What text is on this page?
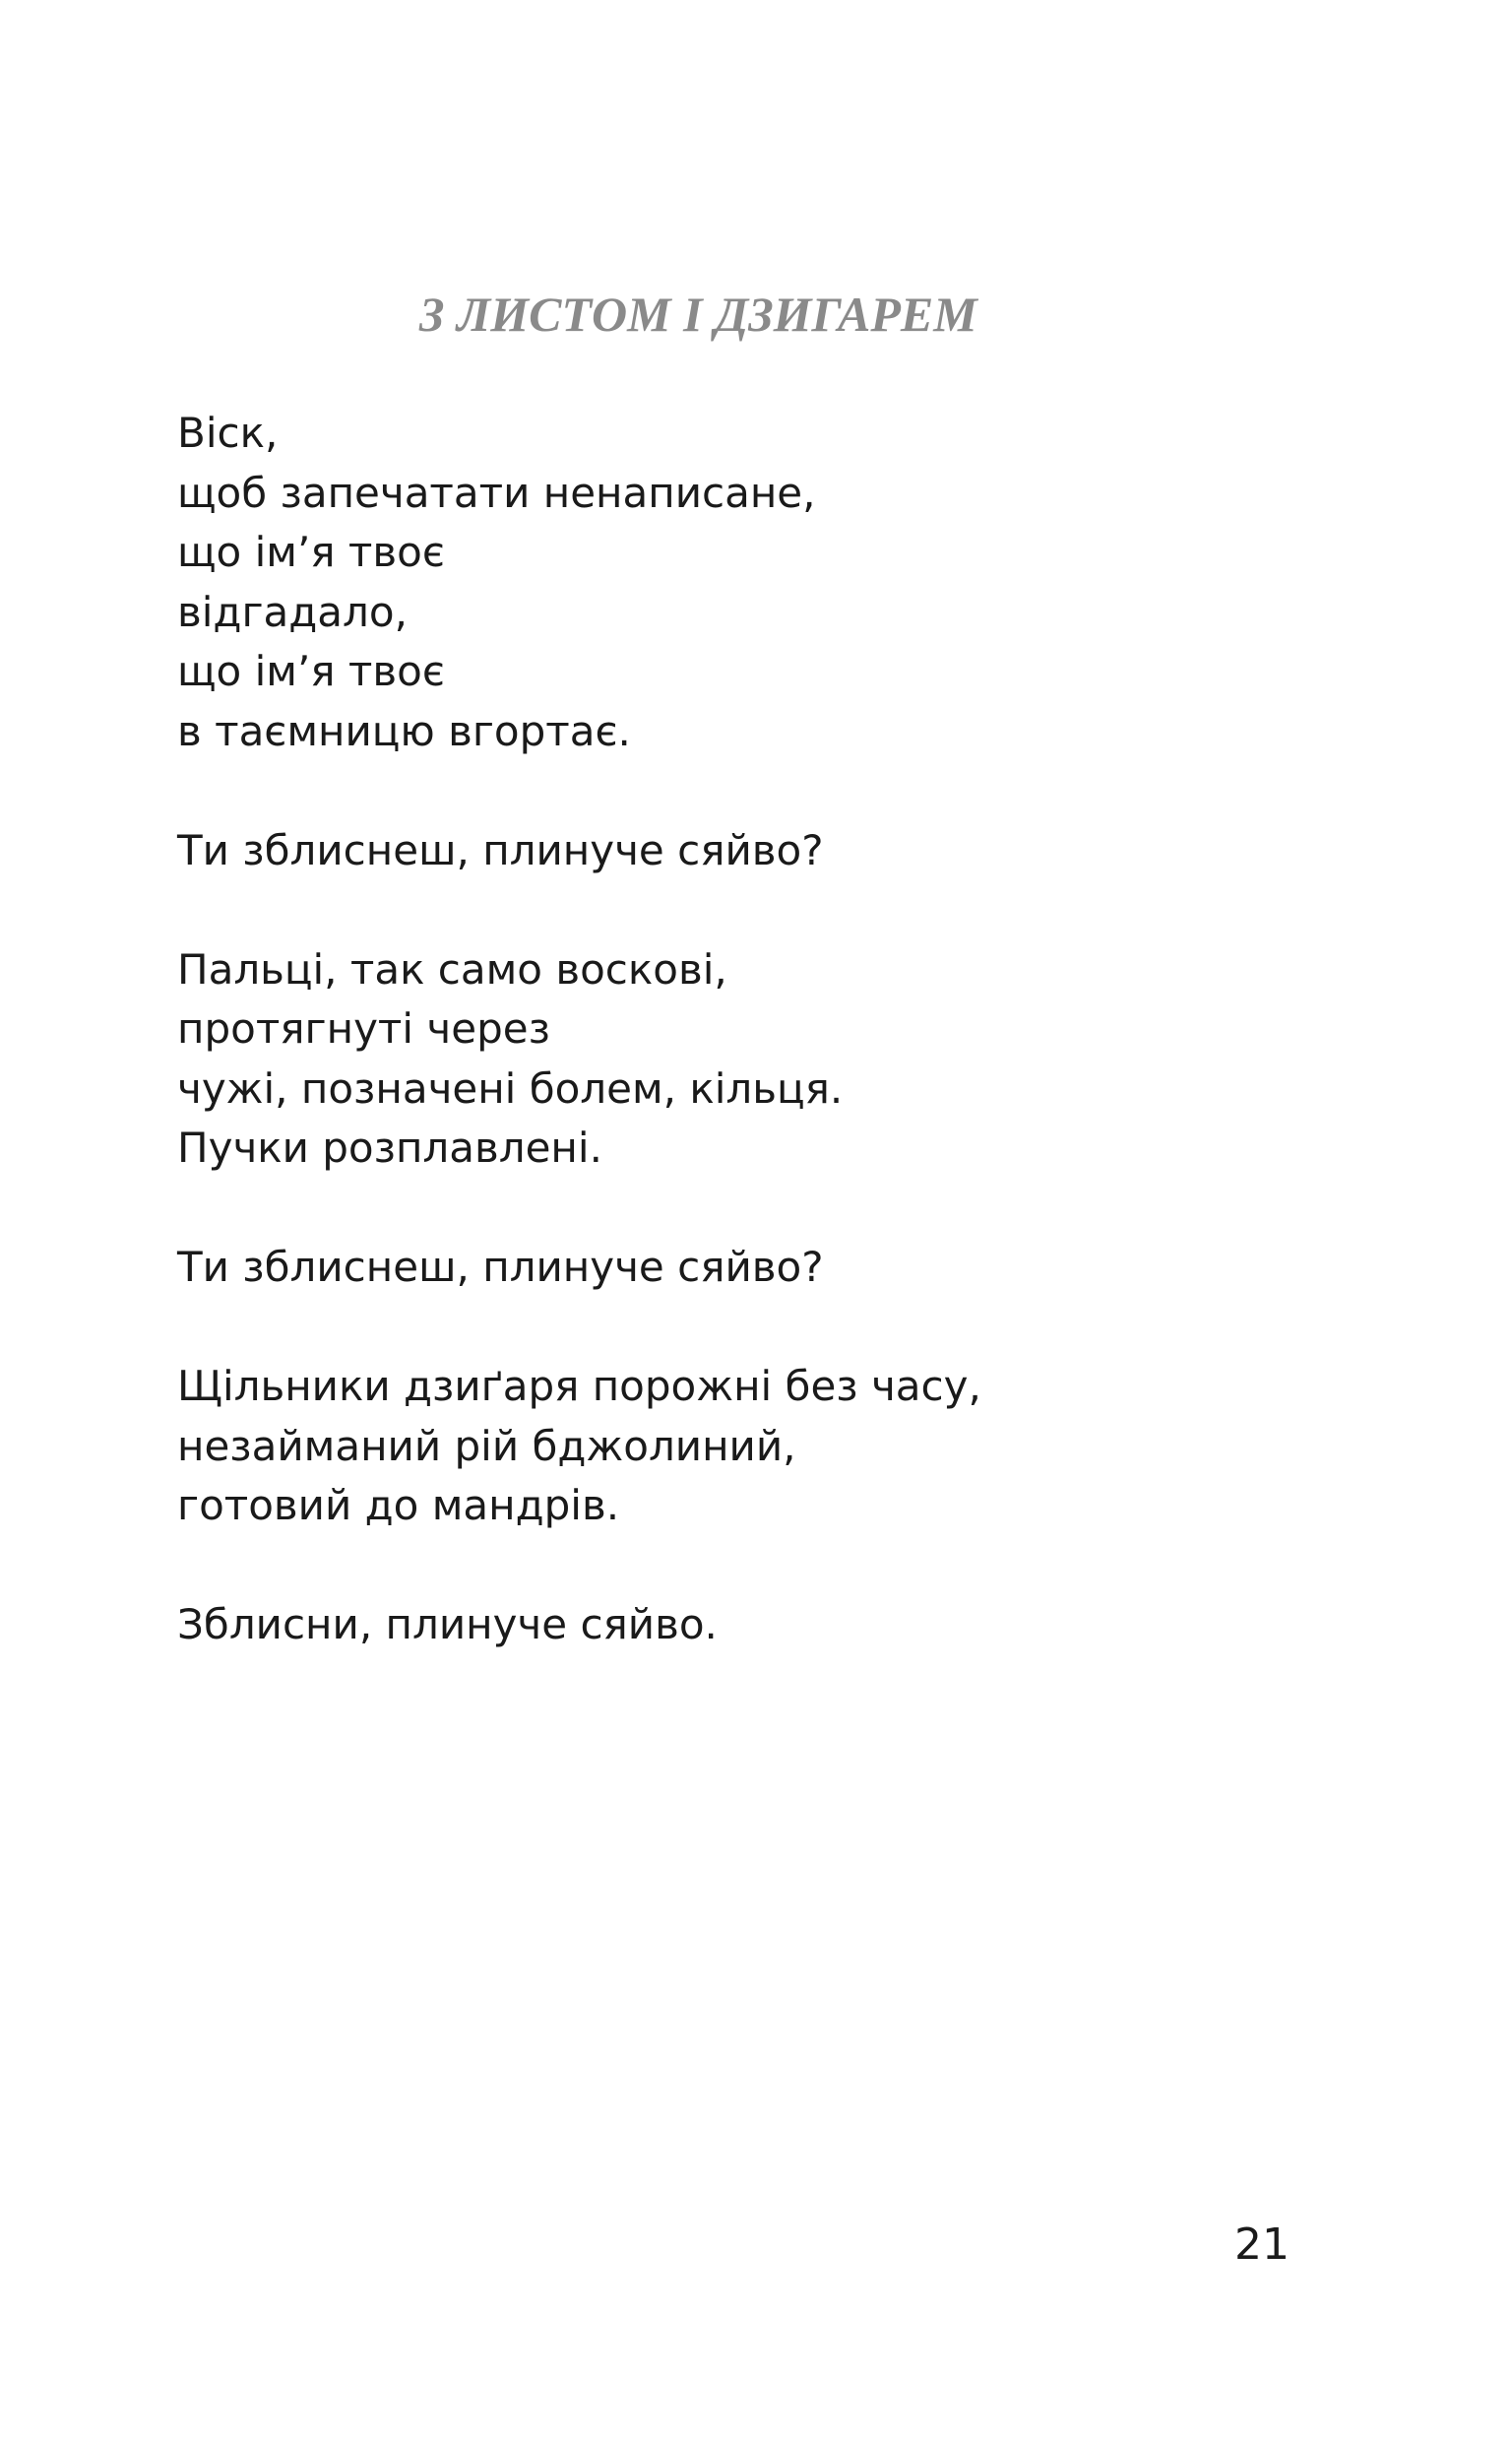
З ЛИСТОМ І ДЗИГАРЕМ

Віск,
щоб запечатати ненаписане,
що ім’я твоє
відгадало,
що ім’я твоє
в таємницю вгортає.

Ти зблиснеш, плинуче сяйво?

Пальці, так само воскові,
протягнуті через
чужі, позначені болем, кільця.
Пучки розплавлені.

Ти зблиснеш, плинуче сяйво?

Щільники дзиґаря порожні без часу,
незайманий рій бджолиний,
готовий до мандрів.

Зблисни, плинуче сяйво.

21
